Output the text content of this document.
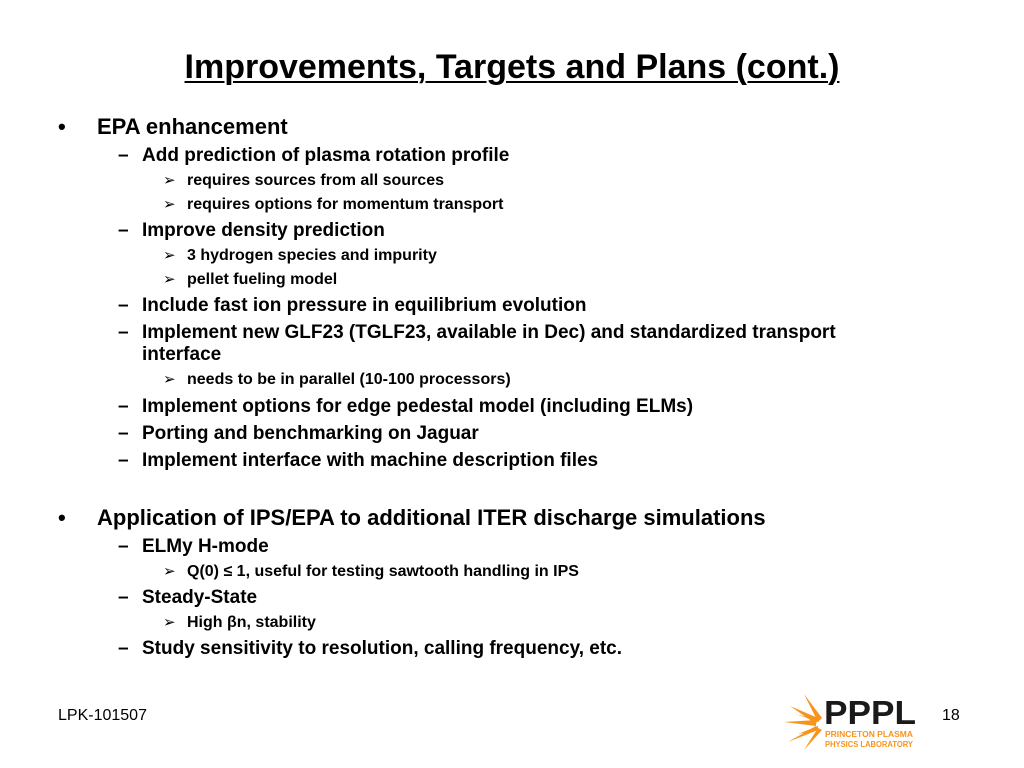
Improvements, Targets and Plans (cont.)
• EPA enhancement
– Add prediction of plasma rotation profile
➢ requires sources from all sources
➢ requires options for momentum transport
– Improve density prediction
➢ 3 hydrogen species and impurity
➢ pellet fueling model
– Include fast ion pressure in equilibrium evolution
– Implement new GLF23 (TGLF23, available in Dec) and standardized transport interface
➢ needs to be in parallel (10-100 processors)
– Implement options for edge pedestal model (including ELMs)
– Porting and benchmarking on Jaguar
– Implement interface with machine description files
• Application of IPS/EPA to additional ITER discharge simulations
– ELMy H-mode
➢ Q(0) ≤ 1, useful for testing sawtooth handling in IPS
– Steady-State
➢ High βn, stability
– Study sensitivity to resolution, calling frequency, etc.
LPK-101507	18
PPPL
PRINCETON PLASMA
PHYSICS LABORATORY
